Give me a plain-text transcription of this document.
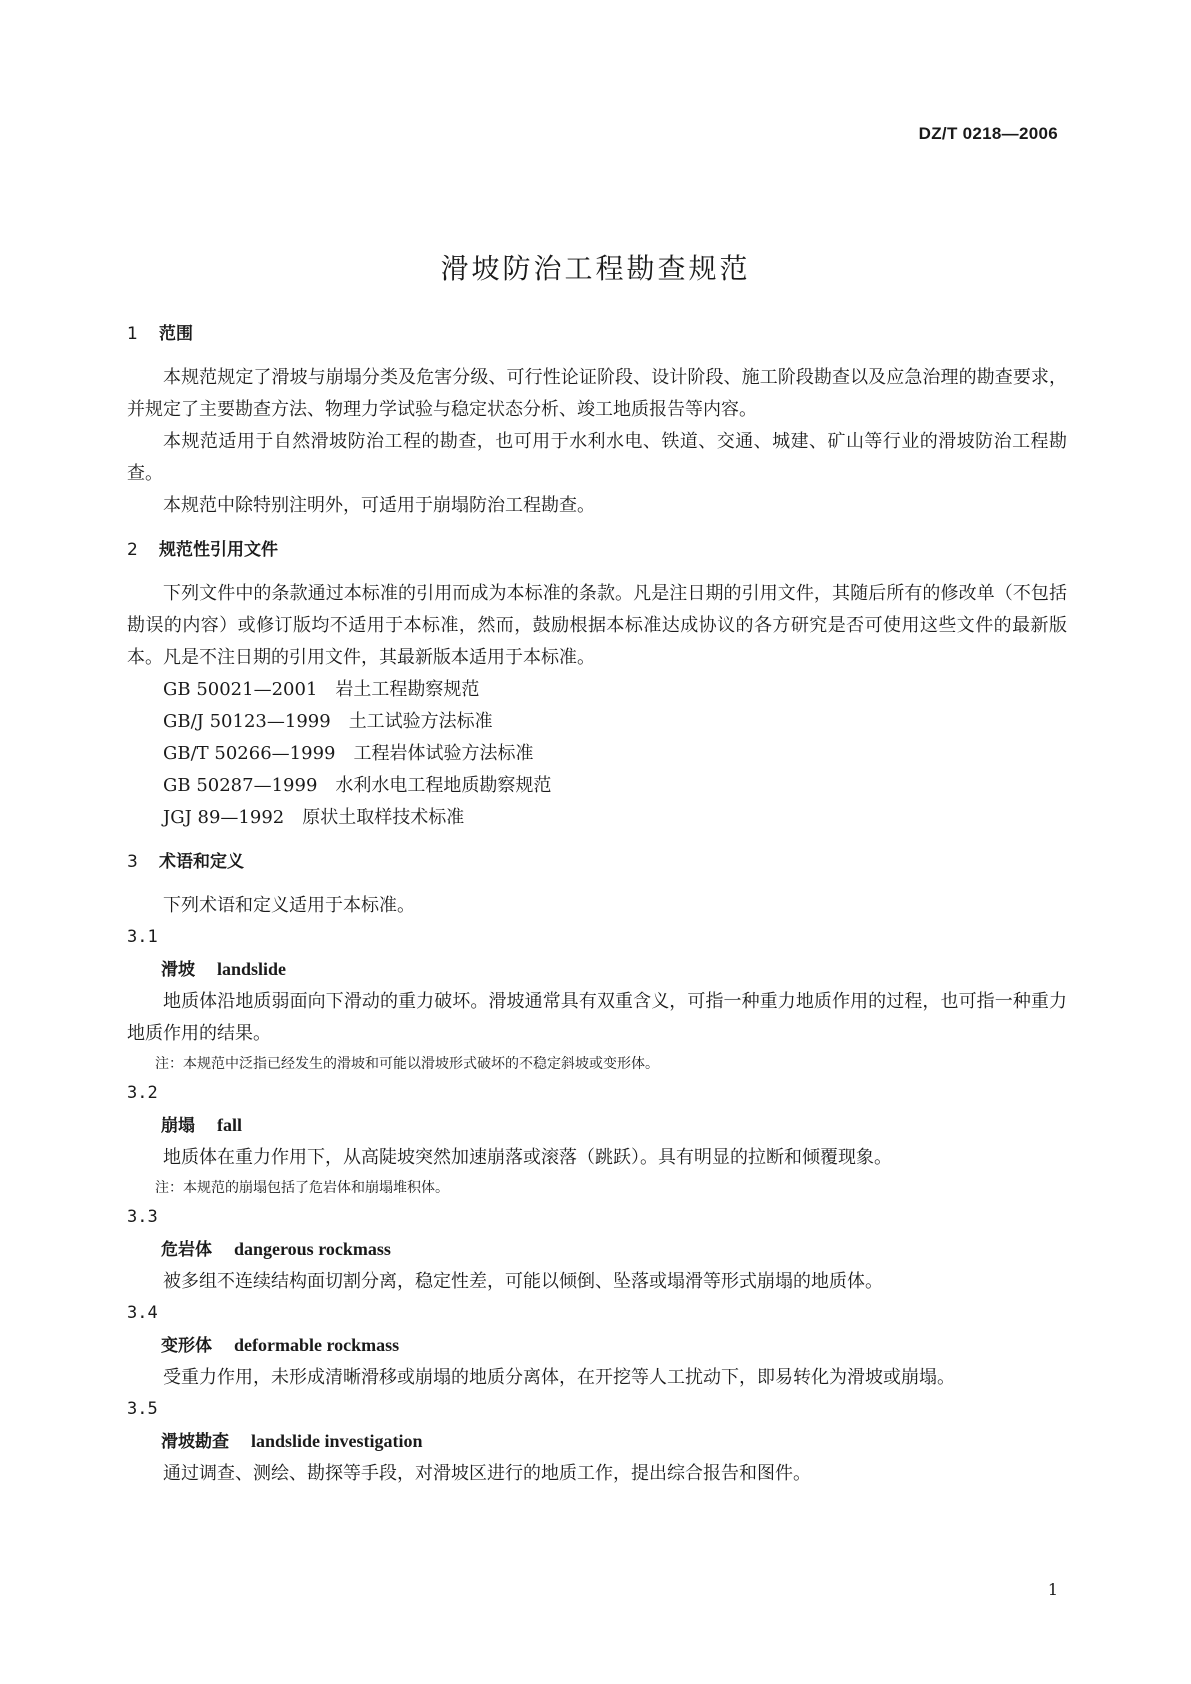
DZ/T 0218—2006
滑坡防治工程勘查规范
1 范围

本规范规定了滑坡与崩塌分类及危害分级、可行性论证阶段、设计阶段、施工阶段勘查以及应急治理的勘查要求，并规定了主要勘查方法、物理力学试验与稳定状态分析、竣工地质报告等内容。

本规范适用于自然滑坡防治工程的勘查，也可用于水利水电、铁道、交通、城建、矿山等行业的滑坡防治工程勘查。

本规范中除特别注明外，可适用于崩塌防治工程勘查。

2 规范性引用文件

下列文件中的条款通过本标准的引用而成为本标准的条款。凡是注日期的引用文件，其随后所有的修改单（不包括勘误的内容）或修订版均不适用于本标准，然而，鼓励根据本标准达成协议的各方研究是否可使用这些文件的最新版本。凡是不注日期的引用文件，其最新版本适用于本标准。

GB 50021—2001 岩土工程勘察规范
GB/J 50123—1999 土工试验方法标准
GB/T 50266—1999 工程岩体试验方法标准
GB 50287—1999 水利水电工程地质勘察规范
JGJ 89—1992 原状土取样技术标准
3 术语和定义

下列术语和定义适用于本标准。

3.1
滑坡 landslide

地质体沿地质弱面向下滑动的重力破坏。滑坡通常具有双重含义，可指一种重力地质作用的过程，也可指一种重力地质作用的结果。

注：本规范中泛指已经发生的滑坡和可能以滑坡形式破坏的不稳定斜坡或变形体。

3.2
崩塌 fall

地质体在重力作用下，从高陡坡突然加速崩落或滚落（跳跃）。具有明显的拉断和倾覆现象。

注：本规范的崩塌包括了危岩体和崩塌堆积体。

3.3
危岩体 dangerous rockmass

被多组不连续结构面切割分离，稳定性差，可能以倾倒、坠落或塌滑等形式崩塌的地质体。

3.4
变形体 deformable rockmass

受重力作用，未形成清晰滑移或崩塌的地质分离体，在开挖等人工扰动下，即易转化为滑坡或崩塌。

3.5
滑坡勘查 landslide investigation

通过调查、测绘、勘探等手段，对滑坡区进行的地质工作，提出综合报告和图件。

1
